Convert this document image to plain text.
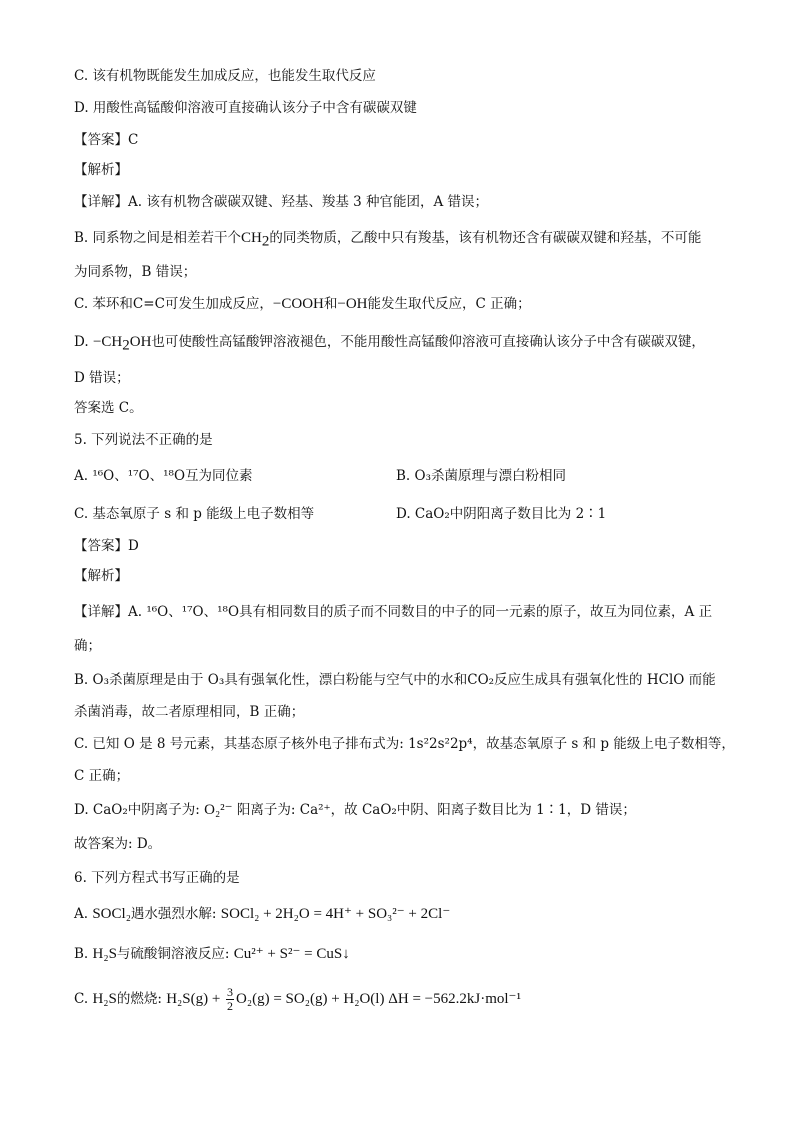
C. 该有机物既能发生加成反应，也能发生取代反应
D. 用酸性高锰酸仰溶液可直接确认该分子中含有碳碳双键
【答案】C
【解析】
【详解】A. 该有机物含碳碳双键、羟基、羧基 3 种官能团，A 错误；
B. 同系物之间是相差若干个$CH_2$的同类物质，乙酸中只有羧基，该有机物还含有碳碳双键和羟基，不可能
为同系物，B 错误；
C. 苯环和C=C可发生加成反应，−COOH和−OH能发生取代反应，C 正确；
D. $-CH_2OH$也可使酸性高锰酸钾溶液褪色，不能用酸性高锰酸仰溶液可直接确认该分子中含有碳碳双键，
D 错误；
答案选 C。
5. 下列说法不正确的是
A. ¹⁶O、¹⁷O、¹⁸O互为同位素	B. O₃杀菌原理与漂白粉相同
C. 基态氧原子 s 和 p 能级上电子数相等	D. CaO₂中阴阳离子数目比为 2∶1
【答案】D
【解析】
【详解】A. ¹⁶O、¹⁷O、¹⁸O具有相同数目的质子而不同数目的中子的同一元素的原子，故互为同位素，A 正
确；
B. O₃杀菌原理是由于 O₃具有强氧化性，漂白粉能与空气中的水和CO₂反应生成具有强氧化性的 HClO 而能
杀菌消毒，故二者原理相同，B 正确；
C. 已知 O 是 8 号元素，其基态原子核外电子排布式为: 1s²2s²2p⁴，故基态氧原子 s 和 p 能级上电子数相等，
C 正确；
D. CaO₂中阴离子为: O₂²⁻ 阳离子为: Ca²⁺，故 CaO₂中阴、阳离子数目比为 1∶1，D 错误；
故答案为: D。
6. 下列方程式书写正确的是
A. SOCl₂遇水强烈水解: SOCl₂ + 2H₂O = 4H⁺ + SO₃²⁻ + 2Cl⁻
B. H₂S与硫酸铜溶液反应: Cu²⁺ + S²⁻ = CuS↓
C. H₂S的燃烧: $H_2S(g) + \frac{3}{2} O_2(g) = SO_2(g) + H_2O(l) \Delta H = -562.2kJ\cdot mol^{-1}$
